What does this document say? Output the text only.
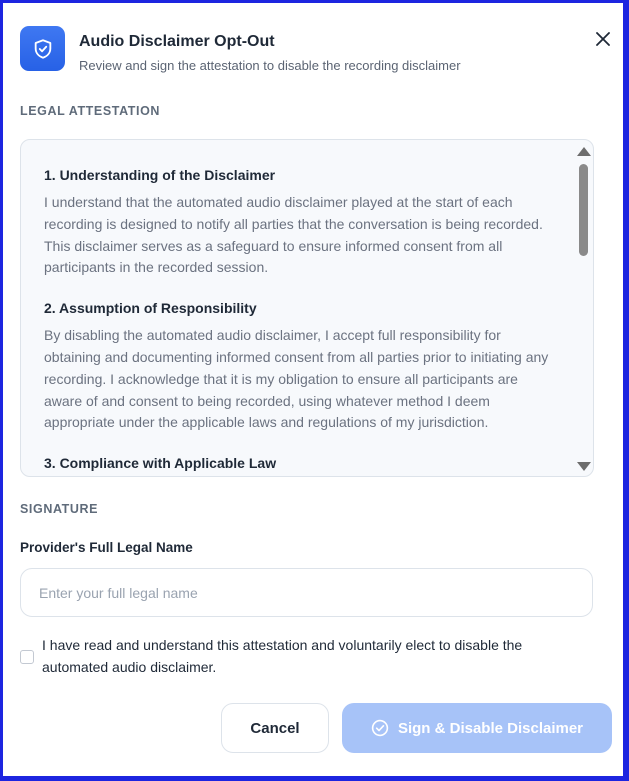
Audio Disclaimer Opt-Out
Review and sign the attestation to disable the recording disclaimer
LEGAL ATTESTATION
1. Understanding of the Disclaimer
I understand that the automated audio disclaimer played at the start of each recording is designed to notify all parties that the conversation is being recorded. This disclaimer serves as a safeguard to ensure informed consent from all participants in the recorded session.
2. Assumption of Responsibility
By disabling the automated audio disclaimer, I accept full responsibility for obtaining and documenting informed consent from all parties prior to initiating any recording. I acknowledge that it is my obligation to ensure all participants are aware of and consent to being recorded, using whatever method I deem appropriate under the applicable laws and regulations of my jurisdiction.
3. Compliance with Applicable Law
SIGNATURE
Provider's Full Legal Name
Enter your full legal name
I have read and understand this attestation and voluntarily elect to disable the automated audio disclaimer.
Cancel	Sign & Disable Disclaimer
